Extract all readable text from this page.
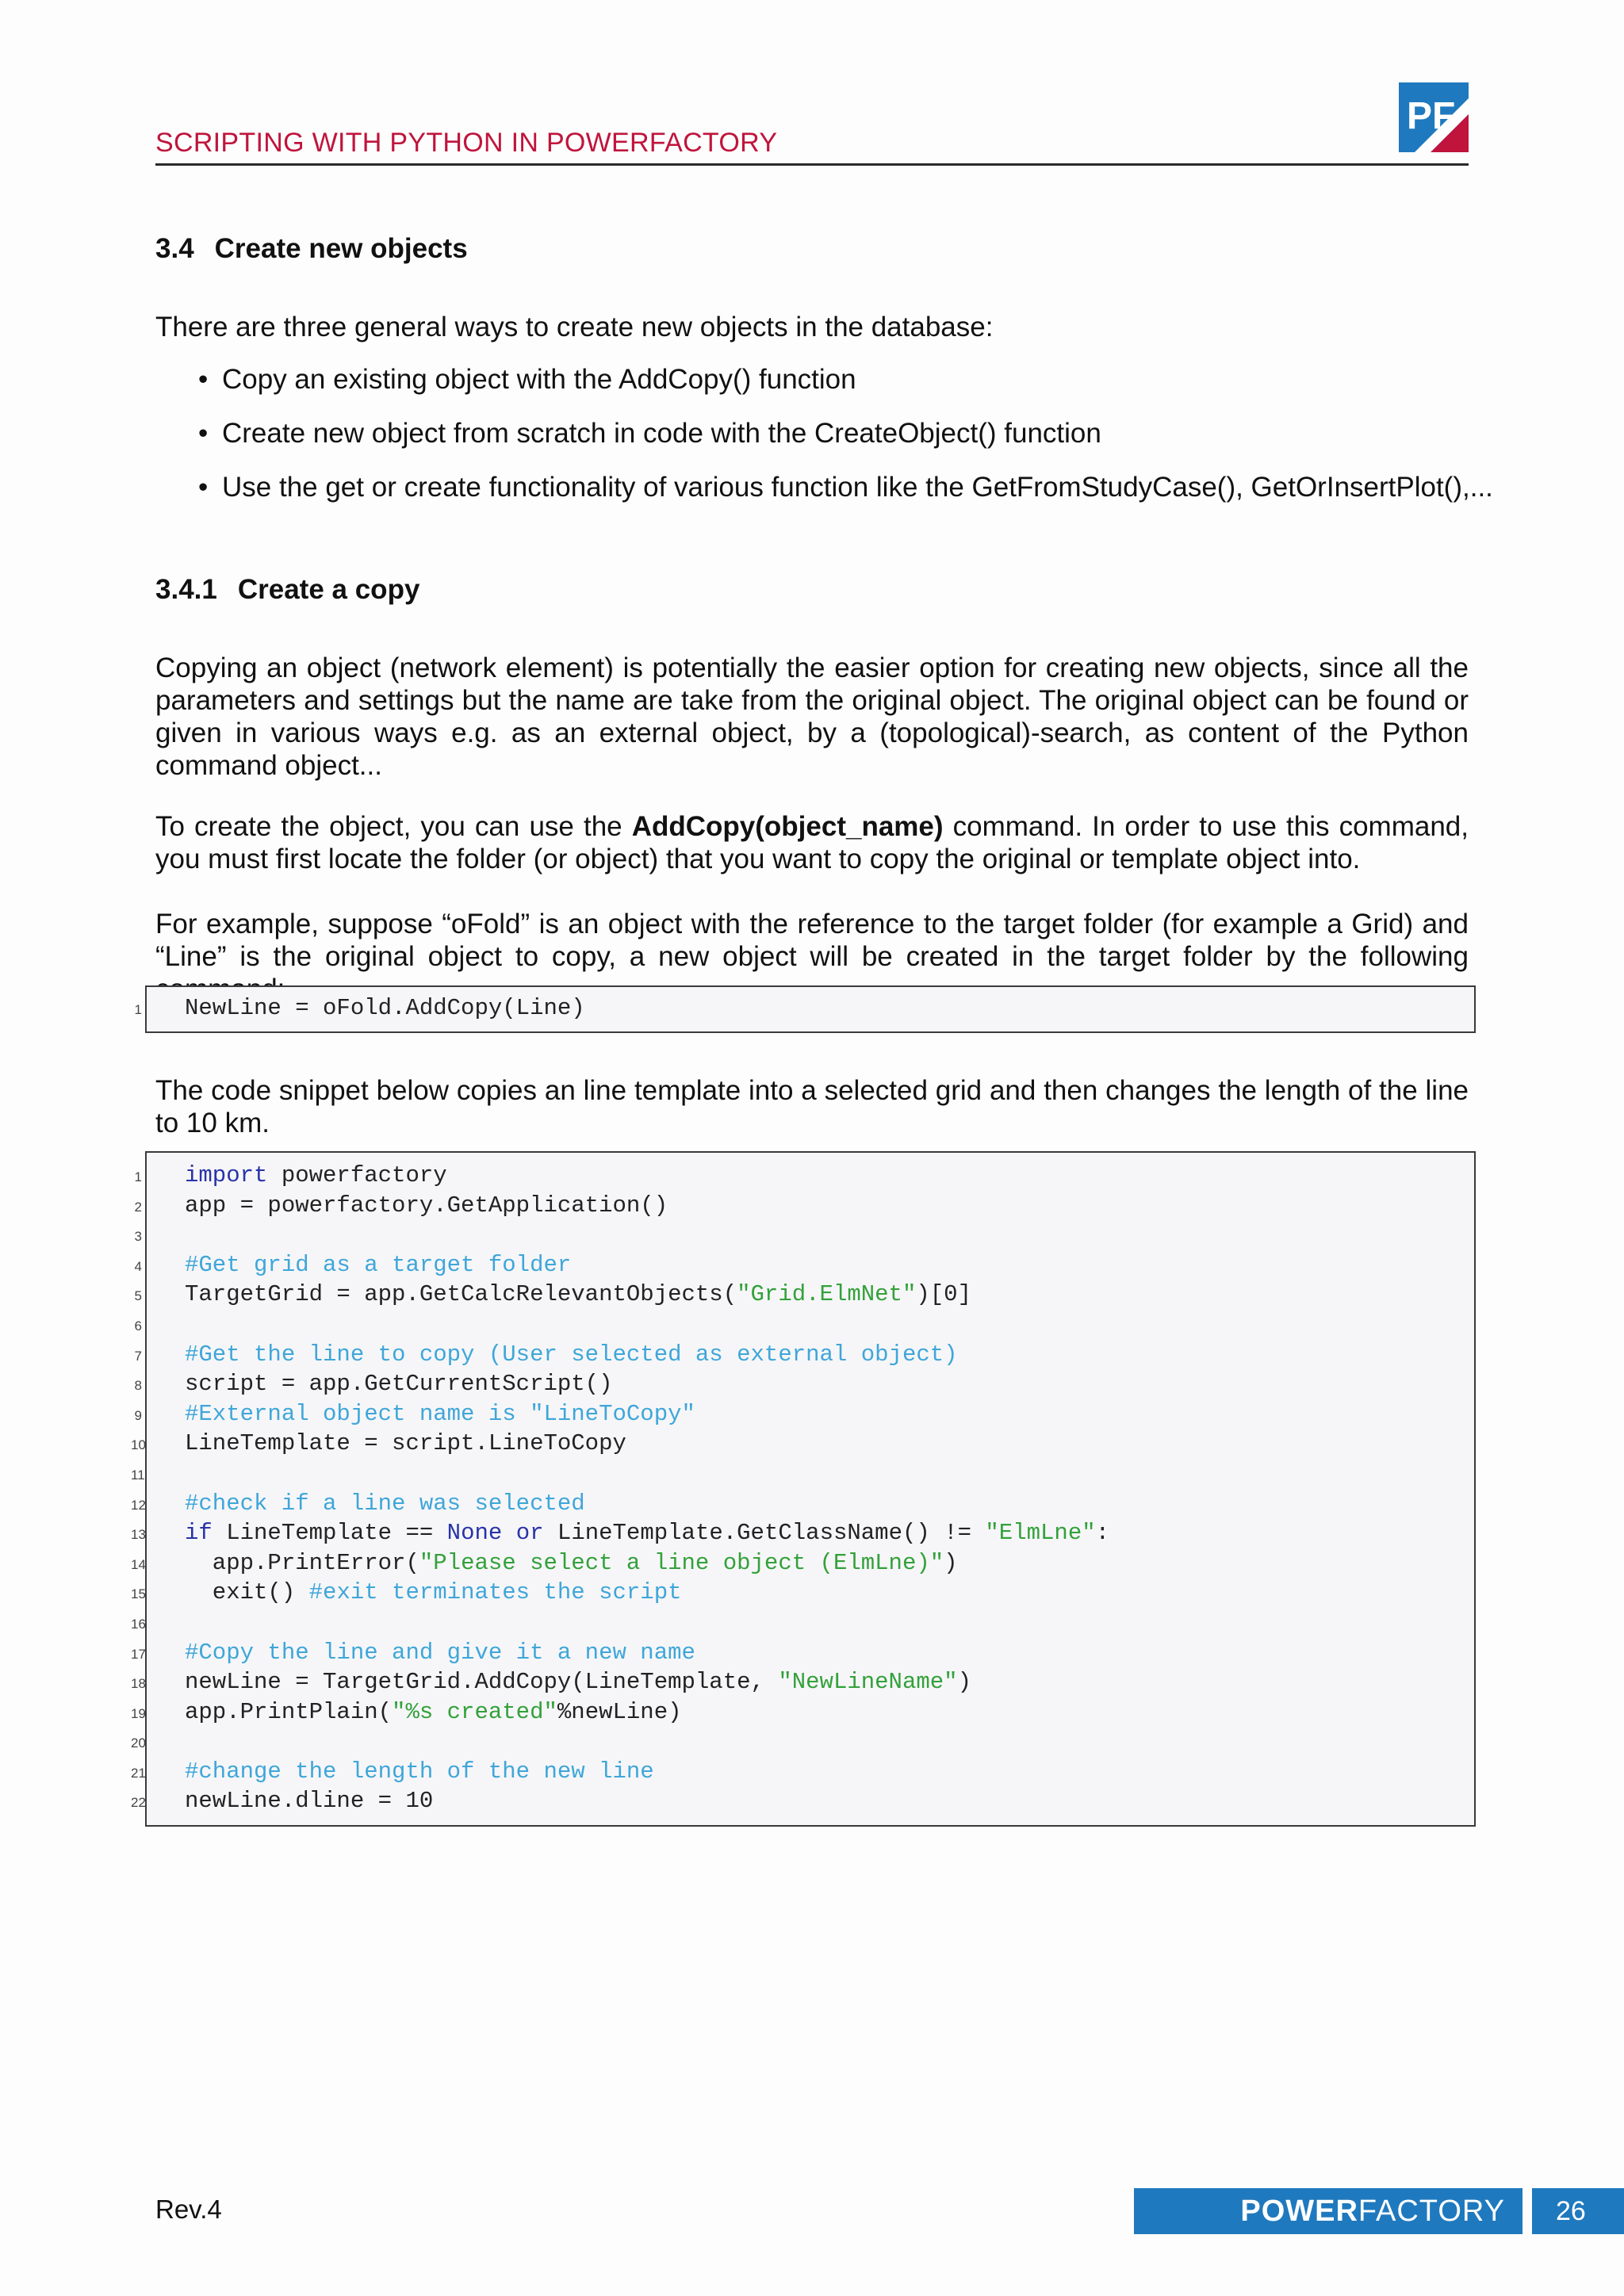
SCRIPTING WITH PYTHON IN POWERFACTORY
PF
3.4 Create new objects
There are three general ways to create new objects in the database:
• Copy an existing object with the AddCopy() function
• Create new object from scratch in code with the CreateObject() function
• Use the get or create functionality of various function like the GetFromStudyCase(), GetOrInsertPlot(),...
3.4.1 Create a copy
Copying an object (network element) is potentially the easier option for creating new objects, since all the parameters and settings but the name are take from the original object. The original object can be found or given in various ways e.g. as an external object, by a (topological)-search, as content of the Python command object...
To create the object, you can use the AddCopy(object_name) command. In order to use this command, you must first locate the folder (or object) that you want to copy the original or template object into.
For example, suppose “oFold” is an object with the reference to the target folder (for example a Grid) and “Line” is the original object to copy, a new object will be created in the target folder by the following

1

NewLine = oFold.AddCopy(Line)

The code snippet below copies an line template into a selected grid and then changes the length of the line to 10 km.
1 import powerfactory
2 app = powerfactory.GetApplication()
3
4 #Get grid as a target folder
5 TargetGrid = app.GetCalcRelevantObjects("Grid.ElmNet")[0]
6
7 #Get the line to copy (User selected as external object)
8 script = app.GetCurrentScript()
9 #External object name is "LineToCopy"
10 LineTemplate = script.LineToCopy
11
12 #check if a line was selected
13 if LineTemplate == None or LineTemplate.GetClassName() != "ElmLne":
14 app.PrintError("Please select a line object (ElmLne)")
15 exit() #exit terminates the script
16
17 #Copy the line and give it a new name
18 newLine = TargetGrid.AddCopy(LineTemplate, "NewLineName")
19 app.PrintPlain("%s created"%newLine)
20
21 #change the length of the new line
22 newLine.dline = 10
Rev.4	POWERFACTORY 26
